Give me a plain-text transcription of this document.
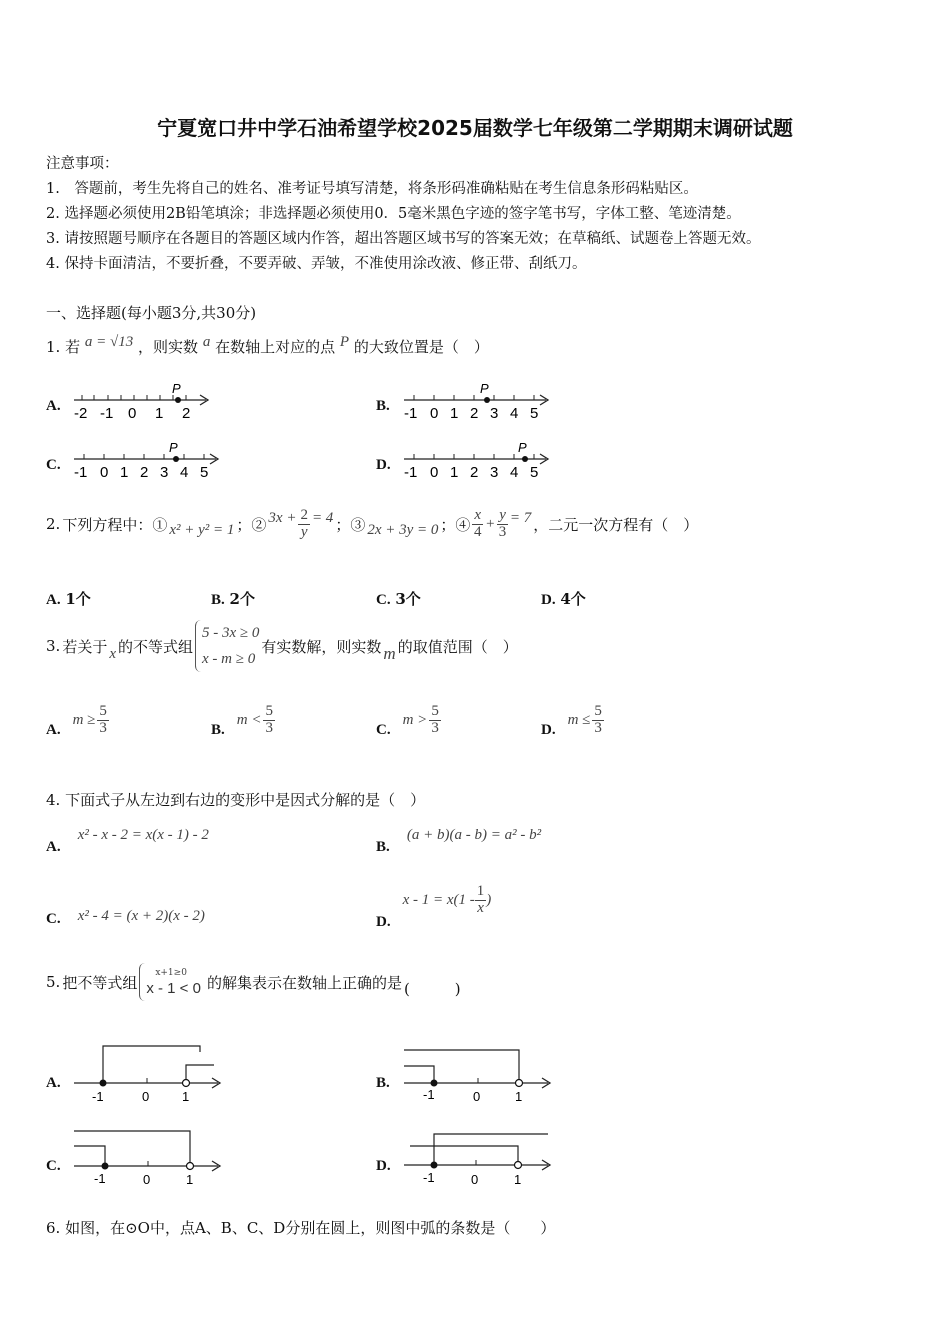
宁夏宽口井中学石油希望学校2025届数学七年级第二学期期末调研试题
注意事项：
1.　答题前，考生先将自己的姓名、准考证号填写清楚，将条形码准确粘贴在考生信息条形码粘贴区。
2. 选择题必须使用2B铅笔填涂；非选择题必须使用0．5毫米黑色字迹的签字笔书写，字体工整、笔迹清楚。
3. 请按照题号顺序在各题目的答题区域内作答，超出答题区域书写的答案无效；在草稿纸、试题卷上答题无效。
4. 保持卡面清洁，不要折叠，不要弄破、弄皱，不准使用涂改液、修正带、刮纸刀。
一、选择题(每小题3分,共30分)
1. 若 a = √13 ，则实数 a 在数轴上对应的点 P 的大致位置是（　）
A. -2 -1 0 1 2
P
B. -1 0 1 2 3 4 5
P
C. -1 0 1 2 3 4 5
P
D. -1 0 1 2 3 4 5
P
2. 下列方程中：① x² + y² = 1 ；② $3x + \frac{2}{y} = 4$ ；③ 2x + 3y = 0 ；④ $\frac{x}{4} + \frac{y}{3} = 7$ ，二元一次方程有（　）
A. 1个	B. 2个	C. 3个	D. 4个
3. 若关于 x 的不等式组
5 - 3x ≥ 0
x - m ≥ 0
有实数解，则实数 m 的取值范围（　）
A.
$m \ge \frac{5}{3}$	B.
$m < \frac{5}{3}$	C.
$m > \frac{5}{3}$	D.
$m \le \frac{5}{3}$
4. 下面式子从左边到右边的变形中是因式分解的是（　）
A. x² - x - 2 = x(x - 1) - 2
B. (a + b)(a - b) = a² - b²
C. x² - 4 = (x + 2)(x - 2)	D.
$x - 1 = x(1 - \frac{1}{x}$ )
5. 把不等式组
x+1≥0
x - 1 < 0 的解集表示在数轴上正确的是 (　　　)
A.
-1	0	1
B.
-1	0	1
C.
-1	0	1
D.
-1	0	1
6. 如图，在⊙O中，点A、B、C、D分别在圆上，则图中弧的条数是（　　）
